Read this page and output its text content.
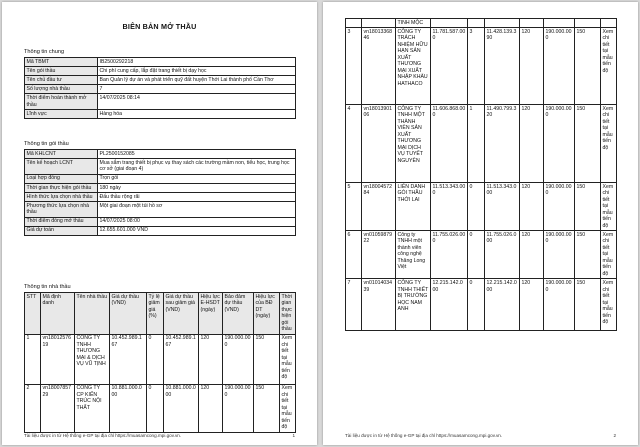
BIÊN BẢN MỞ THẦU
Thông tin chung
Mã TBMT	IB2500292218
Tên gói thầu	Chi phí cung cấp, lắp đặt trang thiết bị dạy học
Tên chủ đầu tư	Ban Quản lý dự án và phát triển quỹ đất huyện Thới Lai thành phố Cần Thơ
Số lượng nhà thầu	7
Thời điểm hoàn thành mở thầu	14/07/2025 08:14
Lĩnh vực	Hàng hóa
Thông tin gói thầu
Mã KHLCNT	PL2500152085
Tên kế hoạch LCNT	Mua sắm trang thiết bị phục vụ thay sách các trường mầm non, tiểu học, trung học cơ sở (giai đoạn 4)
Loại hợp đồng	Trọn gói
Thời gian thực hiện gói thầu	180 ngày
Hình thức lựa chọn nhà thầu	Đấu thầu rộng rãi
Phương thức lựa chọn nhà thầu	Một giai đoạn một túi hồ sơ
Thời điểm đóng mở thầu	14/07/2025 08:00
Giá dự toán	12.655.601.000 VND
Thông tin nhà thầu
STT	Mã định danh	Tên nhà thầu	Giá dự thầu (VND)	Tỷ lệ giảm giá (%)	Giá dự thầu sau giảm giá (VND)	Hiệu lực E-HSDT (ngày)	Bảo đảm dự thầu (VND)	Hiệu lực của BĐ DT (ngày)	Thời gian thực hiện gói thầu
1	vn1801257619	CÔNG TY TNHH THƯƠNG MẠI & DỊCH VỤ VŨ TỊNH	10.452.989.167	0	10.452.989.167	120	190.000.000	150	Xem chi tiết tại mẫu tiến độ
2	vn1800785729	CÔNG TY CP KIẾN TRÚC NỘI THẤT	10.881.000.000	0	10.881.000.000	120	190.000.000	150	Xem chi tiết tại mẫu tiến độ
Tài liệu được in từ Hệ thống e-GP tại địa chỉ https://muasamcong.mpi.gov.vn.	1
		TINH MỘC							
3	vn1801336846	CÔNG TY TRÁCH NHIỆM HỮU HẠN SẢN XUẤT THƯƠNG MẠI XUẤT NHẬP KHẨU HATHACO	11.781.587.000	3	11.428.139.390	120	190.000.000	150	Xem chi tiết tại mẫu tiến độ
4	vn1801390106	CÔNG TY TNHH MỘT THÀNH VIÊN SẢN XUẤT THƯƠNG MẠI DỊCH VỤ TUYẾT NGUYÊN	11.606.868.000	1	11.490.799.320	120	190.000.000	150	Xem chi tiết tại mẫu tiến độ
5	vn1800457284	LIÊN DANH GÓI THẦU THỚI LAI	11.513.343.000	0	11.513.343.000	120	190.000.000	150	Xem chi tiết tại mẫu tiến độ
6	vn0105987922	Công ty TNHH một thành viên công nghệ Thăng Long Việt	11.755.026.000	0	11.755.026.000	120	190.000.000	150	Xem chi tiết tại mẫu tiến độ
7	vn0101403439	CÔNG TY TNHH THIẾT BỊ TRƯỜNG HỌC NAM ANH	12.215.142.000	0	12.215.142.000	120	190.000.000	150	Xem chi tiết tại mẫu tiến độ
Tài liệu được in từ Hệ thống e-GP tại địa chỉ https://muasamcong.mpi.gov.vn.	2
